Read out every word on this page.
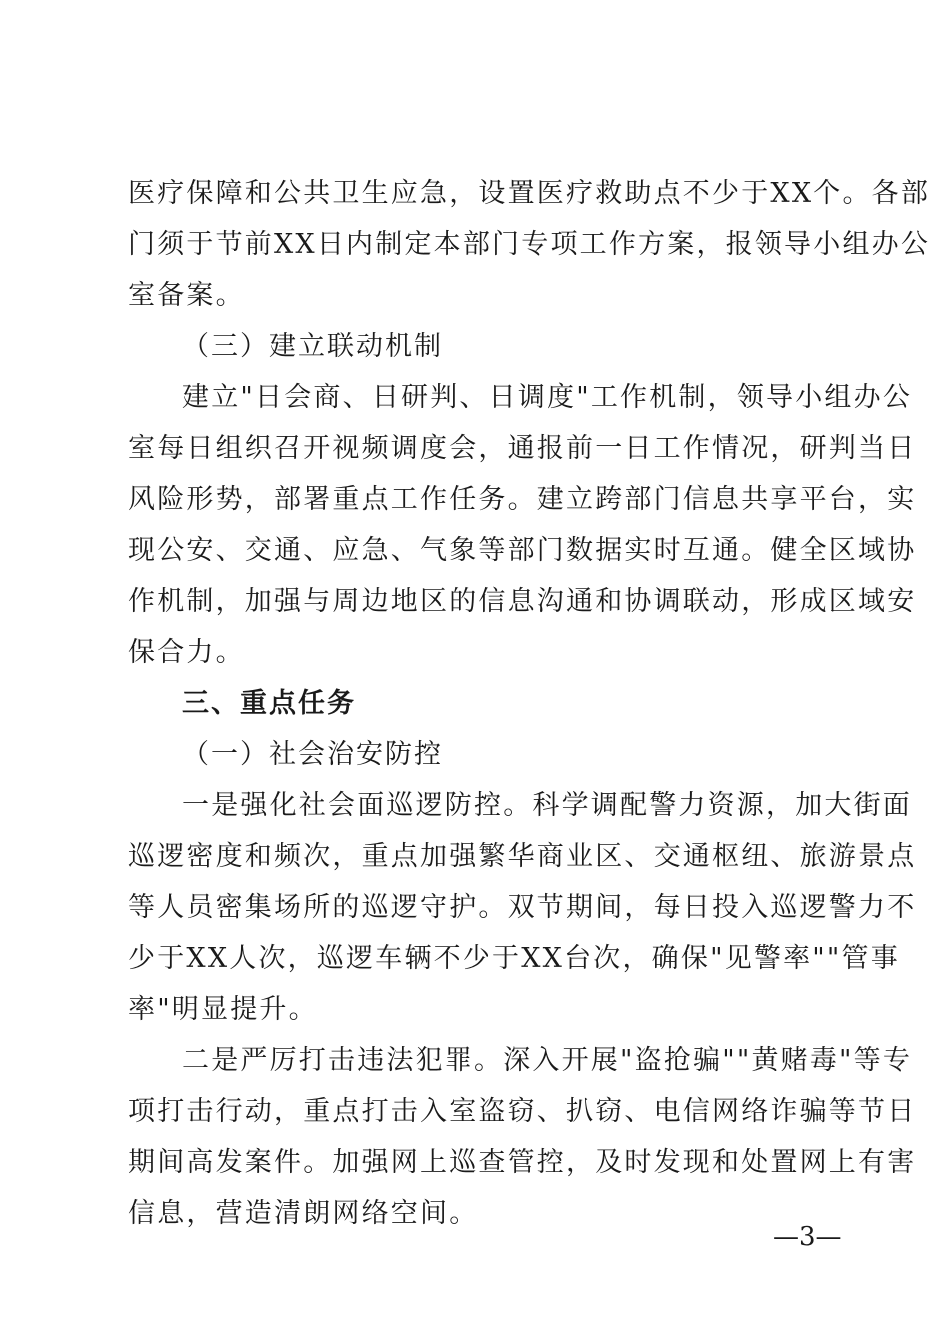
医疗保障和公共卫生应急，设置医疗救助点不少于XX个。各部
门须于节前XX日内制定本部门专项工作方案，报领导小组办公
室备案。
（三）建立联动机制
建立"日会商、日研判、日调度"工作机制，领导小组办公
室每日组织召开视频调度会，通报前一日工作情况，研判当日
风险形势，部署重点工作任务。建立跨部门信息共享平台，实
现公安、交通、应急、气象等部门数据实时互通。健全区域协
作机制，加强与周边地区的信息沟通和协调联动，形成区域安
保合力。
三、重点任务
（一）社会治安防控
一是强化社会面巡逻防控。科学调配警力资源，加大街面
巡逻密度和频次，重点加强繁华商业区、交通枢纽、旅游景点
等人员密集场所的巡逻守护。双节期间，每日投入巡逻警力不
少于XX人次，巡逻车辆不少于XX台次，确保"见警率""管事
率"明显提升。
二是严厉打击违法犯罪。深入开展"盗抢骗""黄赌毒"等专
项打击行动，重点打击入室盗窃、扒窃、电信网络诈骗等节日
期间高发案件。加强网上巡查管控，及时发现和处置网上有害
信息，营造清朗网络空间。
—3—
